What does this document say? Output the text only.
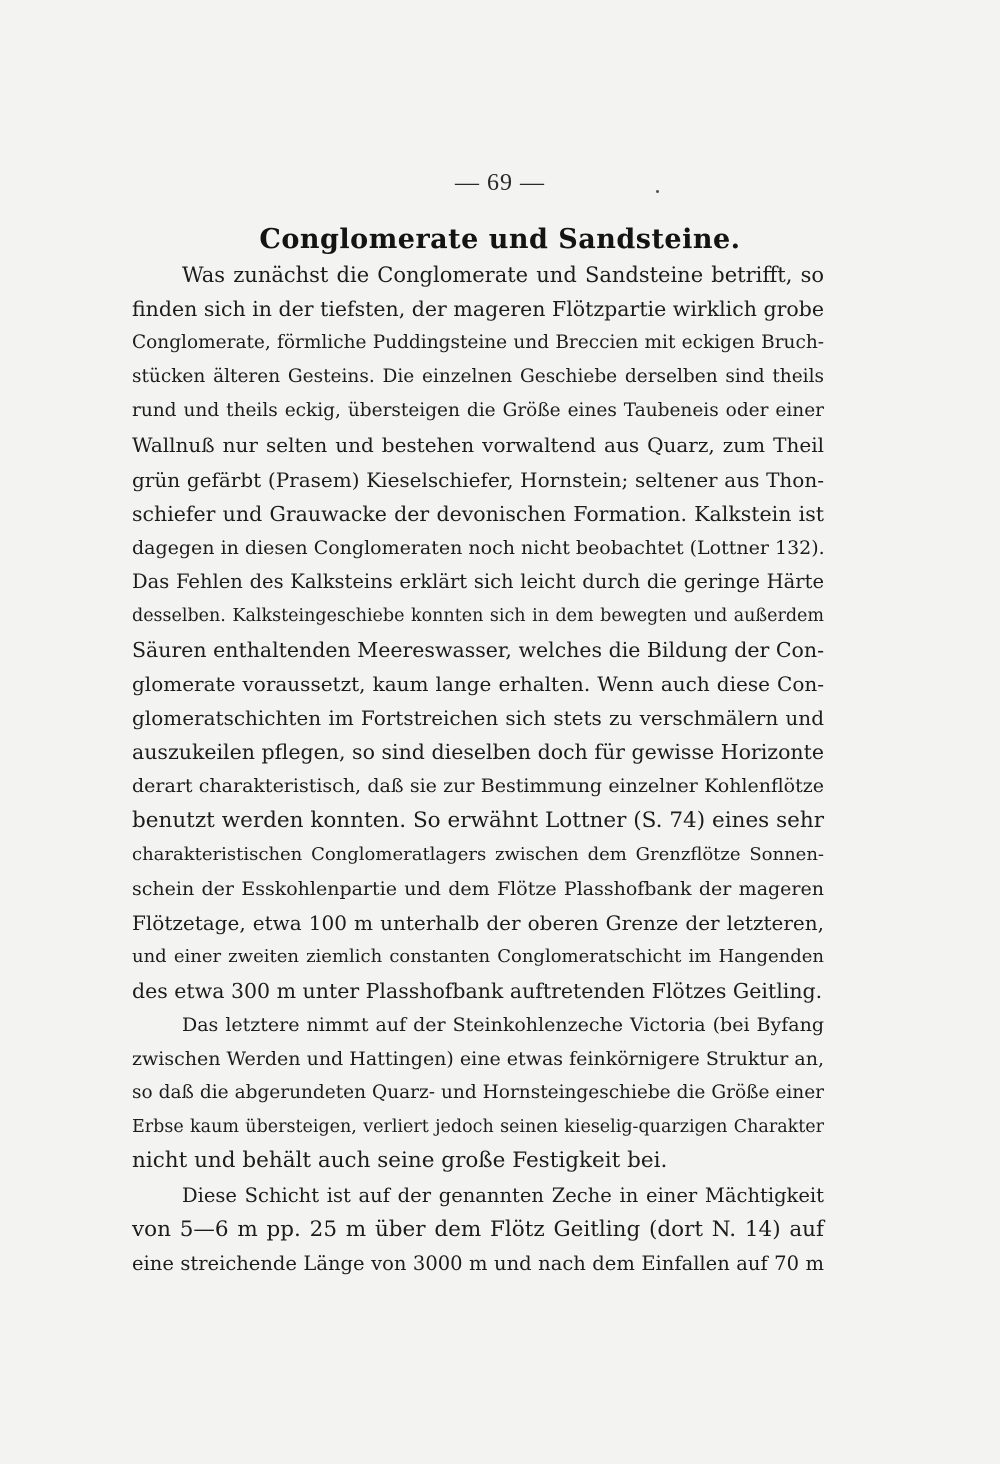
— 69 —
Conglomerate und Sandsteine.
Was zunächst die Conglomerate und Sandsteine betrifft, so
finden sich in der tiefsten, der mageren Flötzpartie wirklich grobe
Conglomerate, förmliche Puddingsteine und Breccien mit eckigen Bruch-
stücken älteren Gesteins. Die einzelnen Geschiebe derselben sind theils
rund und theils eckig, übersteigen die Größe eines Taubeneis oder einer
Wallnuß nur selten und bestehen vorwaltend aus Quarz, zum Theil
grün gefärbt (Prasem) Kieselschiefer, Hornstein; seltener aus Thon-
schiefer und Grauwacke der devonischen Formation. Kalkstein ist
dagegen in diesen Conglomeraten noch nicht beobachtet (Lottner 132).
Das Fehlen des Kalksteins erklärt sich leicht durch die geringe Härte
desselben. Kalksteingeschiebe konnten sich in dem bewegten und außerdem
Säuren enthaltenden Meereswasser, welches die Bildung der Con-
glomerate voraussetzt, kaum lange erhalten. Wenn auch diese Con-
glomeratschichten im Fortstreichen sich stets zu verschmälern und
auszukeilen pflegen, so sind dieselben doch für gewisse Horizonte
derart charakteristisch, daß sie zur Bestimmung einzelner Kohlenflötze
benutzt werden konnten. So erwähnt Lottner (S. 74) eines sehr
charakteristischen Conglomeratlagers zwischen dem Grenzflötze Sonnen-
schein der Esskohlenpartie und dem Flötze Plasshofbank der mageren
Flötzetage, etwa 100 m unterhalb der oberen Grenze der letzteren,
und einer zweiten ziemlich constanten Conglomeratschicht im Hangenden
des etwa 300 m unter Plasshofbank auftretenden Flötzes Geitling.
Das letztere nimmt auf der Steinkohlenzeche Victoria (bei Byfang
zwischen Werden und Hattingen) eine etwas feinkörnigere Struktur an,
so daß die abgerundeten Quarz- und Hornsteingeschiebe die Größe einer
Erbse kaum übersteigen, verliert jedoch seinen kieselig-quarzigen Charakter
nicht und behält auch seine große Festigkeit bei.
Diese Schicht ist auf der genannten Zeche in einer Mächtigkeit
von 5—6 m pp. 25 m über dem Flötz Geitling (dort N. 14) auf
eine streichende Länge von 3000 m und nach dem Einfallen auf 70 m
